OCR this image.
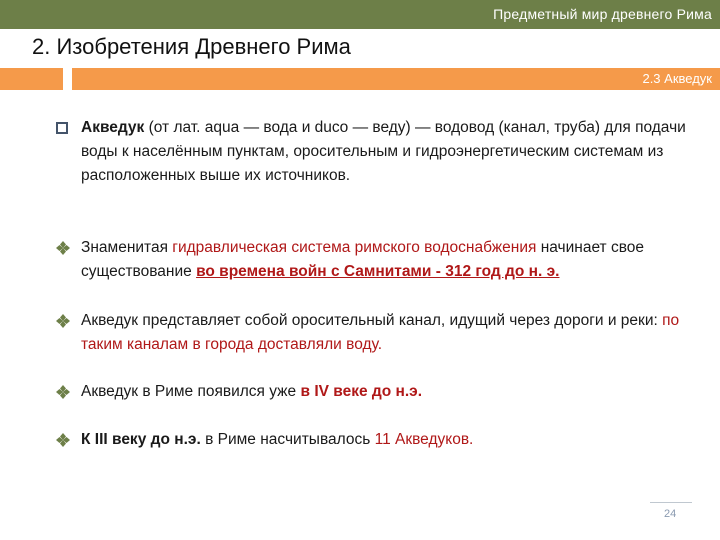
Предметный мир древнего Рима
2. Изобретения Древнего Рима
2.3 Акведук
Акведук (от лат. aqua — вода и duco — веду) — водовод (канал, труба) для подачи воды к населённым пунктам, оросительным и гидроэнергетическим системам из расположенных выше их источников.
Знаменитая гидравлическая система римского водоснабжения начинает свое существование во времена войн с Самнитами - 312 год до н. э.
Акведук представляет собой оросительный канал, идущий через дороги и реки: по таким каналам в города доставляли воду.
Акведук в Риме появился уже в IV веке до н.э.
К III веку до н.э. в Риме насчитывалось 11 Акведуков.
24
